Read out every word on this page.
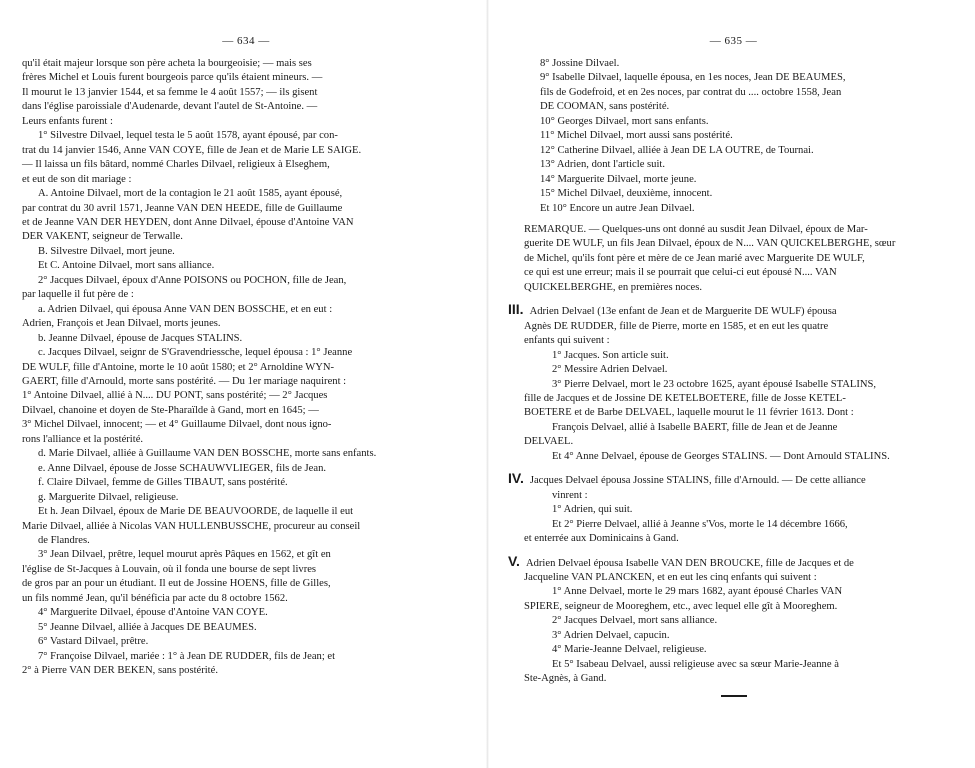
— 634 —

qu'il était majeur lorsque son père acheta la bourgeoisie; — mais ses

frères Michel et Louis furent bourgeois parce qu'ils étaient mineurs. —

Il mourut le 13 janvier 1544, et sa femme le 4 août 1557; — ils gisent

dans l'église paroissiale d'Audenarde, devant l'autel de St-Antoine. —

Leurs enfants furent :

1° Silvestre Dilvael, lequel testa le 5 août 1578, ayant épousé, par con-

trat du 14 janvier 1546, Anne VAN COYE, fille de Jean et de Marie LE SAIGE.

— Il laissa un fils bâtard, nommé Charles Dilvael, religieux à Elseghem,

et eut de son dit mariage :

A. Antoine Dilvael, mort de la contagion le 21 août 1585, ayant épousé,

par contrat du 30 avril 1571, Jeanne VAN DEN HEEDE, fille de Guillaume

et de Jeanne VAN DER HEYDEN, dont Anne Dilvael, épouse d'Antoine VAN

DER VAKENT, seigneur de Terwalle.

B. Silvestre Dilvael, mort jeune.

Et C. Antoine Dilvael, mort sans alliance.

2° Jacques Dilvael, époux d'Anne POISONS ou POCHON, fille de Jean,

par laquelle il fut père de :

a. Adrien Dilvael, qui épousa Anne VAN DEN BOSSCHE, et en eut :

Adrien, François et Jean Dilvael, morts jeunes.

b. Jeanne Dilvael, épouse de Jacques STALINS.

c. Jacques Dilvael, seignr de S'Gravendriessche, lequel épousa : 1° Jeanne

DE WULF, fille d'Antoine, morte le 10 août 1580; et 2° Arnoldine WYN-

GAERT, fille d'Arnould, morte sans postérité. — Du 1er mariage naquirent :

1° Antoine Dilvael, allié à N.... DU PONT, sans postérité; — 2° Jacques

Dilvael, chanoine et doyen de Ste-Pharaïlde à Gand, mort en 1645; —

3° Michel Dilvael, innocent; — et 4° Guillaume Dilvael, dont nous igno-

rons l'alliance et la postérité.

d. Marie Dilvael, alliée à Guillaume VAN DEN BOSSCHE, morte sans enfants.

e. Anne Dilvael, épouse de Josse SCHAUWVLIEGER, fils de Jean.

f. Claire Dilvael, femme de Gilles TIBAUT, sans postérité.

g. Marguerite Dilvael, religieuse.

Et h. Jean Dilvael, époux de Marie DE BEAUVOORDE, de laquelle il eut

Marie Dilvael, alliée à Nicolas VAN HULLENBUSSCHE, procureur au conseil

de Flandres.

3° Jean Dilvael, prêtre, lequel mourut après Pâques en 1562, et gît en

l'église de St-Jacques à Louvain, où il fonda une bourse de sept livres

de gros par an pour un étudiant. Il eut de Jossine HOENS, fille de Gilles,

un fils nommé Jean, qu'il bénéficia par acte du 8 octobre 1562.

4° Marguerite Dilvael, épouse d'Antoine VAN COYE.

5° Jeanne Dilvael, alliée à Jacques DE BEAUMES.

6° Vastard Dilvael, prêtre.

7° Françoise Dilvael, mariée : 1° à Jean DE RUDDER, fils de Jean; et

2° à Pierre VAN DER BEKEN, sans postérité.

— 635 —

8° Jossine Dilvael.

9° Isabelle Dilvael, laquelle épousa, en 1es noces, Jean DE BEAUMES,

fils de Godefroid, et en 2es noces, par contrat du .... octobre 1558, Jean

DE COOMAN, sans postérité.

10° Georges Dilvael, mort sans enfants.

11° Michel Dilvael, mort aussi sans postérité.

12° Catherine Dilvael, alliée à Jean DE LA OUTRE, de Tournai.

13° Adrien, dont l'article suit.

14° Marguerite Dilvael, morte jeune.

15° Michel Dilvael, deuxième, innocent.

Et 10° Encore un autre Jean Dilvael.

REMARQUE. — Quelques-uns ont donné au susdit Jean Dilvael, époux de Mar-

guerite DE WULF, un fils Jean Dilvael, époux de N.... VAN QUICKELBERGHE, sœur

de Michel, qu'ils font père et mère de ce Jean marié avec Marguerite DE WULF,

ce qui est une erreur; mais il se pourrait que celui-ci eut épousé N.... VAN

QUICKELBERGHE, en premières noces.

III. Adrien Delvael (13e enfant de Jean et de Marguerite DE WULF) épousa

Agnès DE RUDDER, fille de Pierre, morte en 1585, et en eut les quatre

enfants qui suivent :

1° Jacques. Son article suit.

2° Messire Adrien Delvael.

3° Pierre Delvael, mort le 23 octobre 1625, ayant épousé Isabelle STALINS,

fille de Jacques et de Jossine DE KETELBOETERE, fille de Josse KETEL-

BOETERE et de Barbe DELVAEL, laquelle mourut le 11 février 1613. Dont :

François Delvael, allié à Isabelle BAERT, fille de Jean et de Jeanne

DELVAEL.

Et 4° Anne Delvael, épouse de Georges STALINS. — Dont Arnould STALINS.

IV. Jacques Delvael épousa Jossine STALINS, fille d'Arnould. — De cette alliance

vinrent :

1° Adrien, qui suit.

Et 2° Pierre Delvael, allié à Jeanne s'Vos, morte le 14 décembre 1666,

et enterrée aux Dominicains à Gand.

V. Adrien Delvael épousa Isabelle VAN DEN BROUCKE, fille de Jacques et de

Jacqueline VAN PLANCKEN, et en eut les cinq enfants qui suivent :

1° Anne Delvael, morte le 29 mars 1682, ayant épousé Charles VAN

SPIERE, seigneur de Mooreghem, etc., avec lequel elle gît à Mooreghem.

2° Jacques Delvael, mort sans alliance.

3° Adrien Delvael, capucin.

4° Marie-Jeanne Delvael, religieuse.

Et 5° Isabeau Delvael, aussi religieuse avec sa sœur Marie-Jeanne à

Ste-Agnès, à Gand.
